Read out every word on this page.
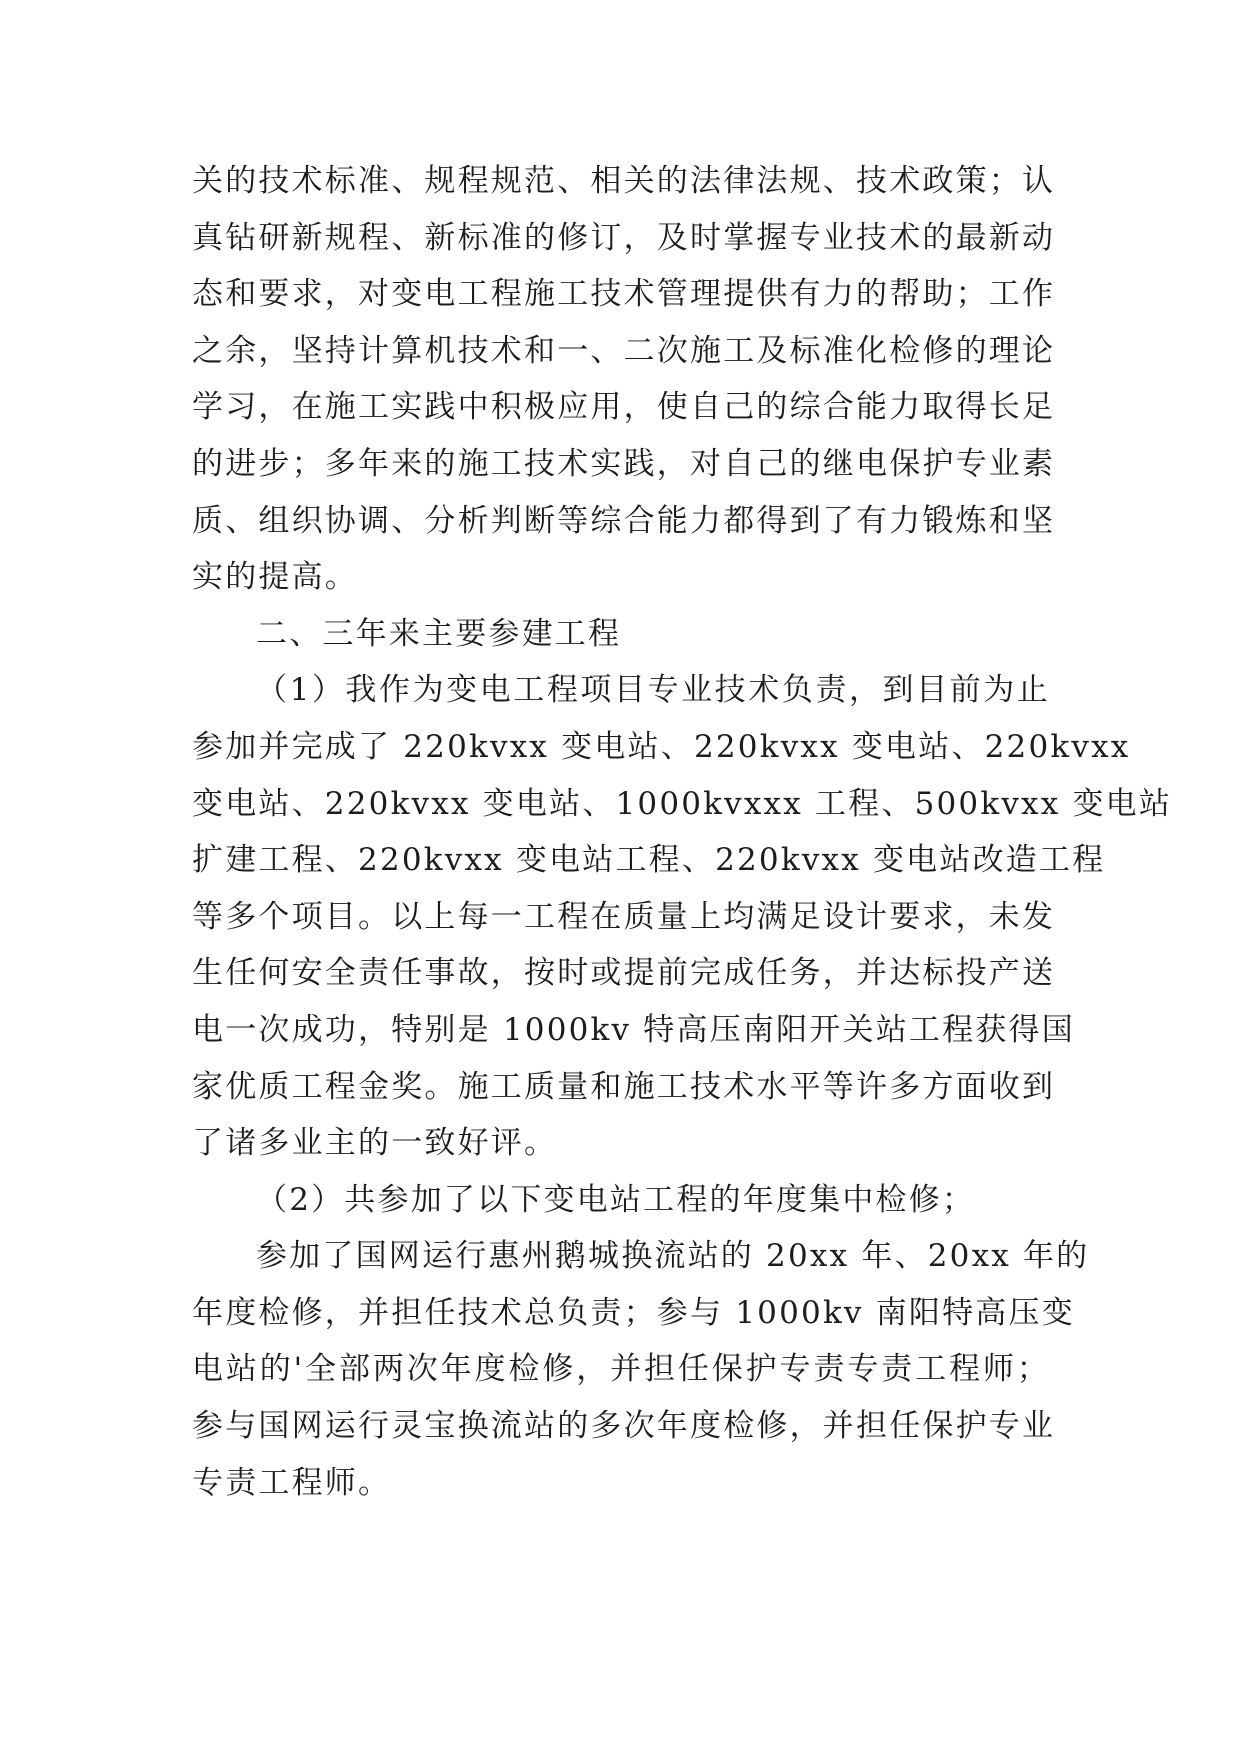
关的技术标准、规程规范、相关的法律法规、技术政策；认
真钻研新规程、新标准的修订，及时掌握专业技术的最新动
态和要求，对变电工程施工技术管理提供有力的帮助；工作
之余，坚持计算机技术和一、二次施工及标准化检修的理论
学习，在施工实践中积极应用，使自己的综合能力取得长足
的进步；多年来的施工技术实践，对自己的继电保护专业素
质、组织协调、分析判断等综合能力都得到了有力锻炼和坚
实的提高。
二、三年来主要参建工程
（1）我作为变电工程项目专业技术负责，到目前为止
参加并完成了 220kvxx 变电站、220kvxx 变电站、220kvxx
变电站、220kvxx 变电站、1000kvxxx 工程、500kvxx 变电站
扩建工程、220kvxx 变电站工程、220kvxx 变电站改造工程
等多个项目。以上每一工程在质量上均满足设计要求，未发
生任何安全责任事故，按时或提前完成任务，并达标投产送
电一次成功，特别是 1000kv 特高压南阳开关站工程获得国
家优质工程金奖。施工质量和施工技术水平等许多方面收到
了诸多业主的一致好评。
（2）共参加了以下变电站工程的年度集中检修；
参加了国网运行惠州鹅城换流站的 20xx 年、20xx 年的
年度检修，并担任技术总负责；参与 1000kv 南阳特高压变
电站的'全部两次年度检修，并担任保护专责专责工程师；
参与国网运行灵宝换流站的多次年度检修，并担任保护专业
专责工程师。
